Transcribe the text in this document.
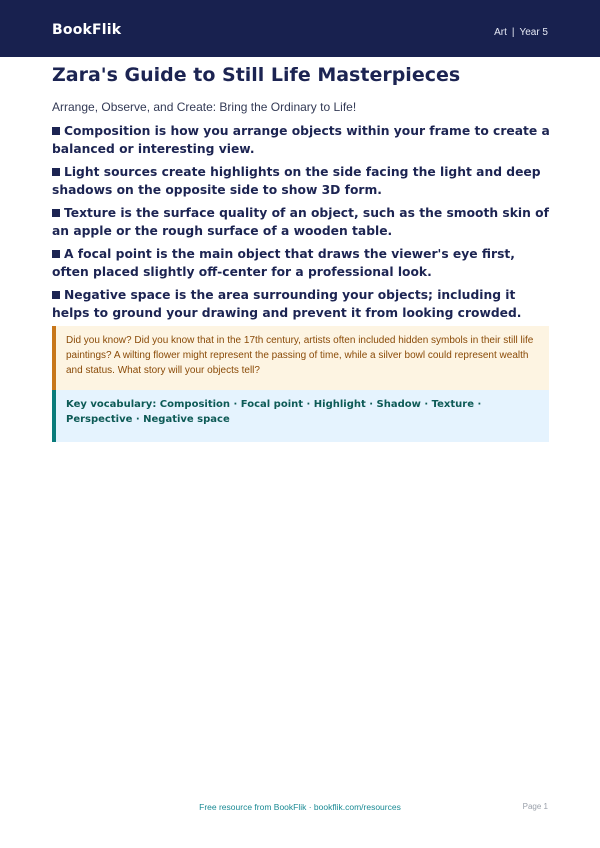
BookFlik	Art | Year 5
Zara's Guide to Still Life Masterpieces

Arrange, Observe, and Create: Bring the Ordinary to Life!

Composition is how you arrange objects within your frame to create a balanced or interesting view.
Light sources create highlights on the side facing the light and deep shadows on the opposite side to show 3D form.
Texture is the surface quality of an object, such as the smooth skin of an apple or the rough surface of a wooden table.
A focal point is the main object that draws the viewer's eye first, often placed slightly off-center for a professional look.
Negative space is the area surrounding your objects; including it helps to ground your drawing and prevent it from looking crowded.
Did you know? Did you know that in the 17th century, artists often included hidden symbols in their still life paintings? A wilting flower might represent the passing of time, while a silver bowl could represent wealth and status. What story will your objects tell?
Key vocabulary: Composition · Focal point · Highlight · Shadow · Texture · Perspective · Negative space
Free resource from BookFlik · bookflik.com/resources	Page 1
